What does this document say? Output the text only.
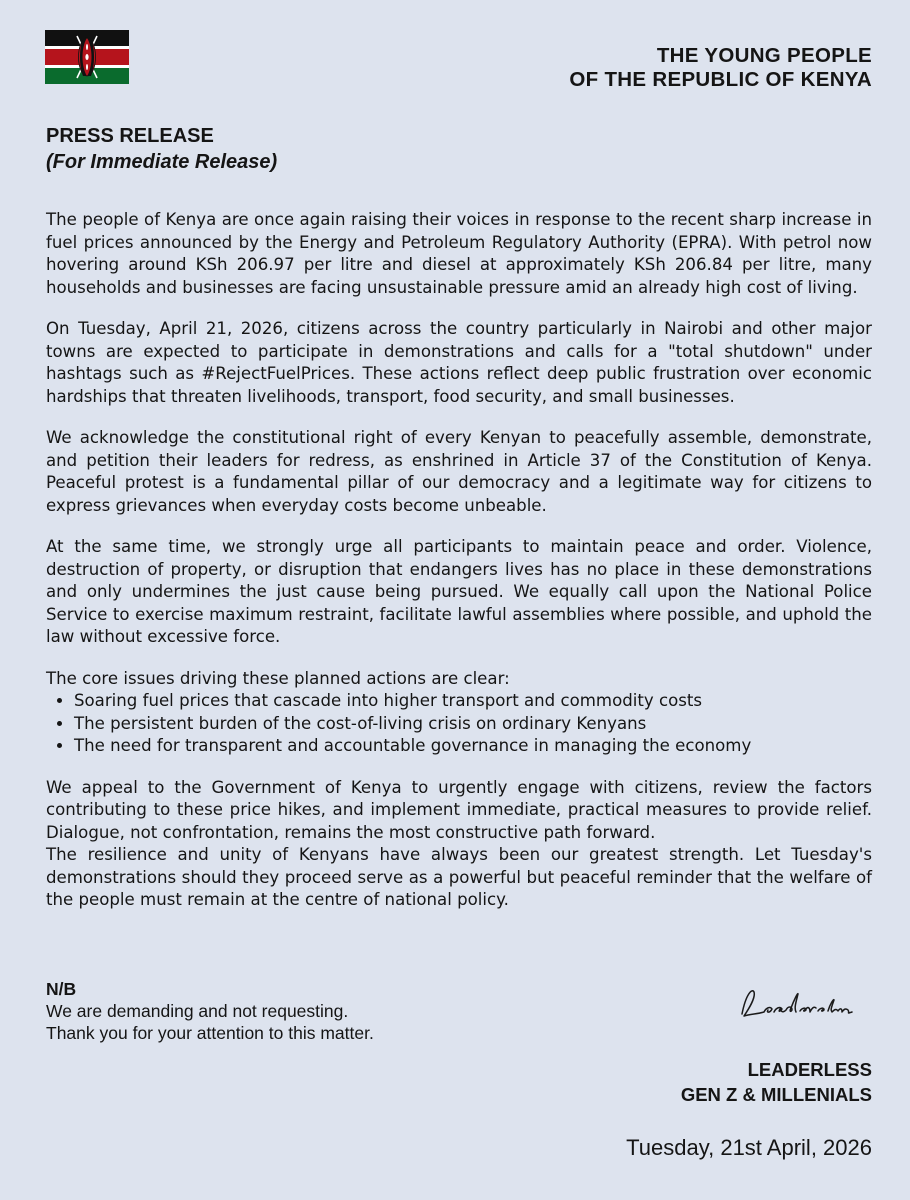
THE YOUNG PEOPLE
OF THE REPUBLIC OF KENYA
PRESS RELEASE
(For Immediate Release)

The people of Kenya are once again raising their voices in response to the recent sharp increase in fuel prices announced by the Energy and Petroleum Regulatory Authority (EPRA). With petrol now hovering around KSh 206.97 per litre and diesel at approximately KSh 206.84 per litre, many households and businesses are facing unsustainable pressure amid an already high cost of living.

On Tuesday, April 21, 2026, citizens across the country particularly in Nairobi and other major towns are expected to participate in demonstrations and calls for a "total shutdown" under hashtags such as #RejectFuelPrices. These actions reflect deep public frustration over economic hardships that threaten livelihoods, transport, food security, and small businesses.

We acknowledge the constitutional right of every Kenyan to peacefully assemble, demonstrate, and petition their leaders for redress, as enshrined in Article 37 of the Constitution of Kenya. Peaceful protest is a fundamental pillar of our democracy and a legitimate way for citizens to express grievances when everyday costs become unbeable.

At the same time, we strongly urge all participants to maintain peace and order. Violence, destruction of property, or disruption that endangers lives has no place in these demonstrations and only undermines the just cause being pursued. We equally call upon the National Police Service to exercise maximum restraint, facilitate lawful assemblies where possible, and uphold the law without excessive force.

The core issues driving these planned actions are clear:

• Soaring fuel prices that cascade into higher transport and commodity costs
• The persistent burden of the cost-of-living crisis on ordinary Kenyans
• The need for transparent and accountable governance in managing the economy

We appeal to the Government of Kenya to urgently engage with citizens, review the factors contributing to these price hikes, and implement immediate, practical measures to provide relief. Dialogue, not confrontation, remains the most constructive path forward.

The resilience and unity of Kenyans have always been our greatest strength. Let Tuesday's demonstrations should they proceed serve as a powerful but peaceful reminder that the welfare of the people must remain at the centre of national policy.

N/B
We are demanding and not requesting.
Thank you for your attention to this matter.
LEADERLESS
GEN Z & MILLENIALS
Tuesday, 21st April, 2026
